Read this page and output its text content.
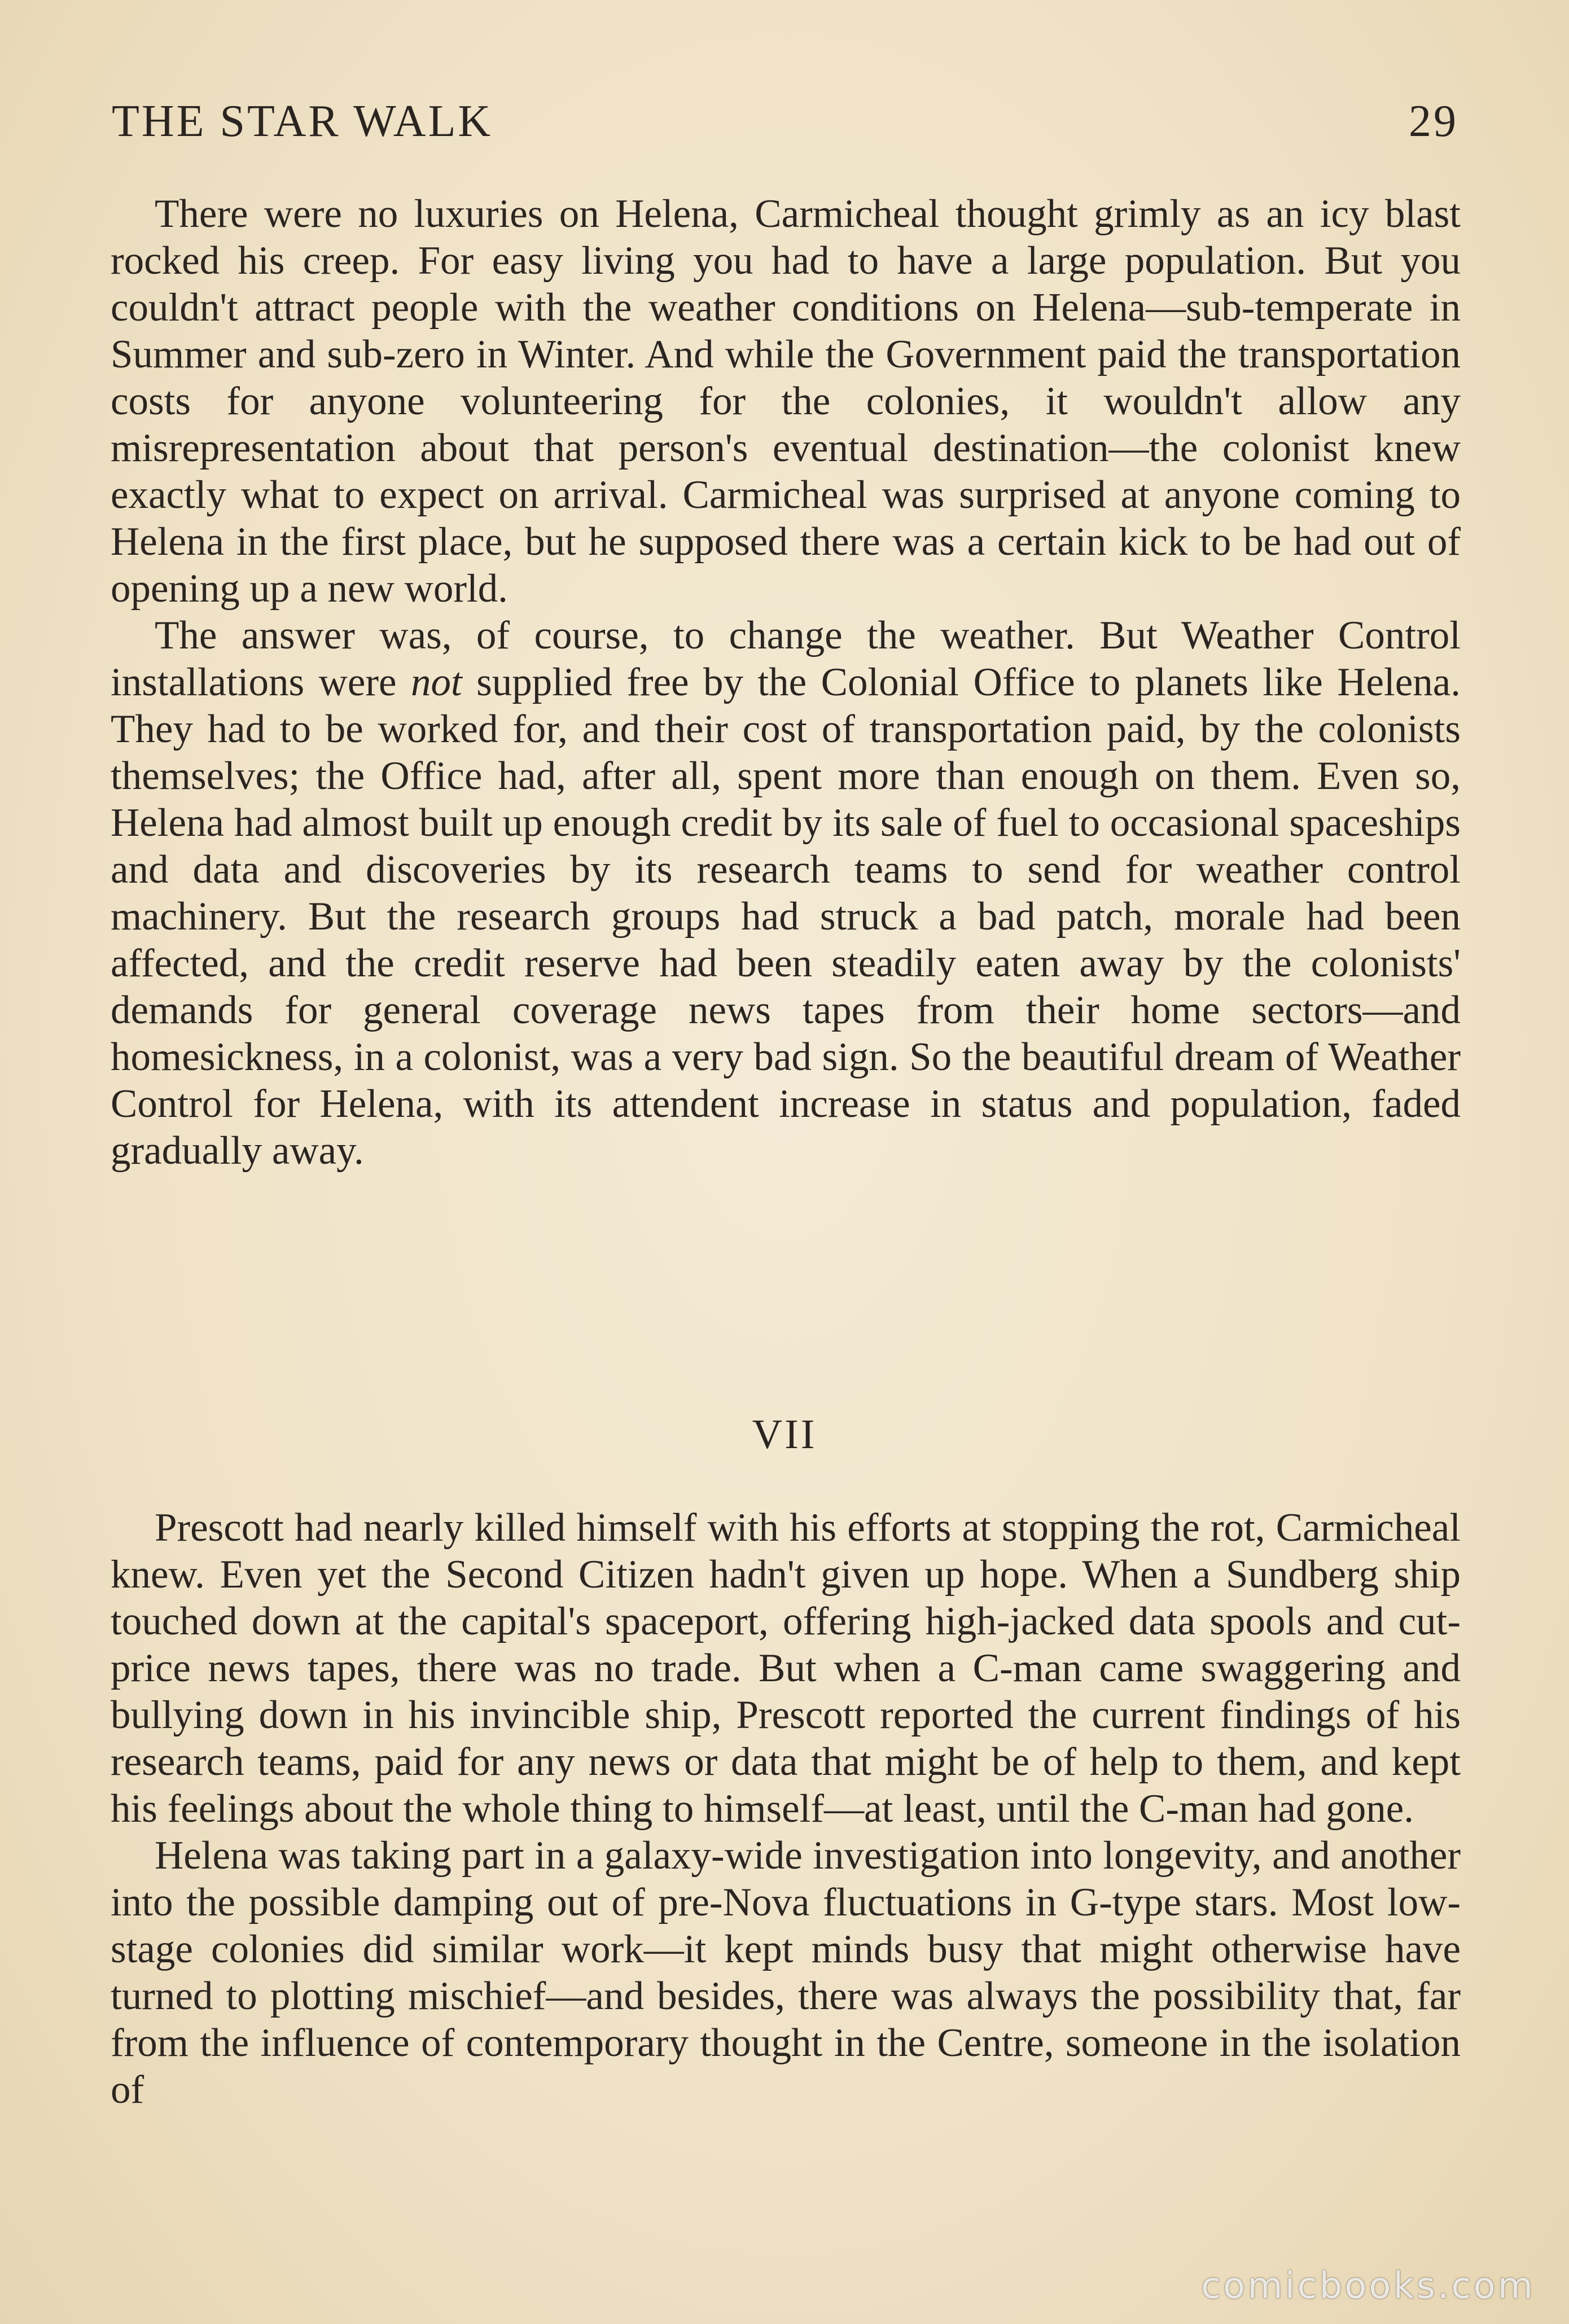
THE STAR WALK	29

There were no luxuries on Helena, Carmicheal thought grimly as an icy blast rocked his creep. For easy living you had to have a large population. But you couldn't attract people with the weather conditions on Helena—sub-temperate in Summer and sub-zero in Winter. And while the Government paid the transportation costs for anyone volunteering for the colonies, it wouldn't allow any misrepresentation about that person's eventual destination—the colonist knew exactly what to expect on arrival. Carmicheal was surprised at anyone coming to Helena in the first place, but he supposed there was a certain kick to be had out of opening up a new world.

The answer was, of course, to change the weather. But Weather Control installations were not supplied free by the Colonial Office to planets like Helena. They had to be worked for, and their cost of transportation paid, by the colonists themselves; the Office had, after all, spent more than enough on them. Even so, Helena had almost built up enough credit by its sale of fuel to occasional spaceships and data and discoveries by its research teams to send for weather control machinery. But the research groups had struck a bad patch, morale had been affected, and the credit reserve had been steadily eaten away by the colonists' demands for general coverage news tapes from their home sectors—and homesickness, in a colonist, was a very bad sign. So the beautiful dream of Weather Control for Helena, with its attendent increase in status and population, faded gradually away.

VII

Prescott had nearly killed himself with his efforts at stopping the rot, Carmicheal knew. Even yet the Second Citizen hadn't given up hope. When a Sundberg ship touched down at the capital's spaceport, offering high-jacked data spools and cut-price news tapes, there was no trade. But when a C-man came swaggering and bullying down in his invincible ship, Prescott reported the current findings of his research teams, paid for any news or data that might be of help to them, and kept his feelings about the whole thing to himself—at least, until the C-man had gone.

Helena was taking part in a galaxy-wide investigation into longevity, and another into the possible damping out of pre-Nova fluctuations in G-type stars. Most low-stage colonies did similar work—it kept minds busy that might otherwise have turned to plotting mischief—and besides, there was always the possibility that, far from the influence of contemporary thought in the Centre, someone in the isolation of

comicbooks.com
